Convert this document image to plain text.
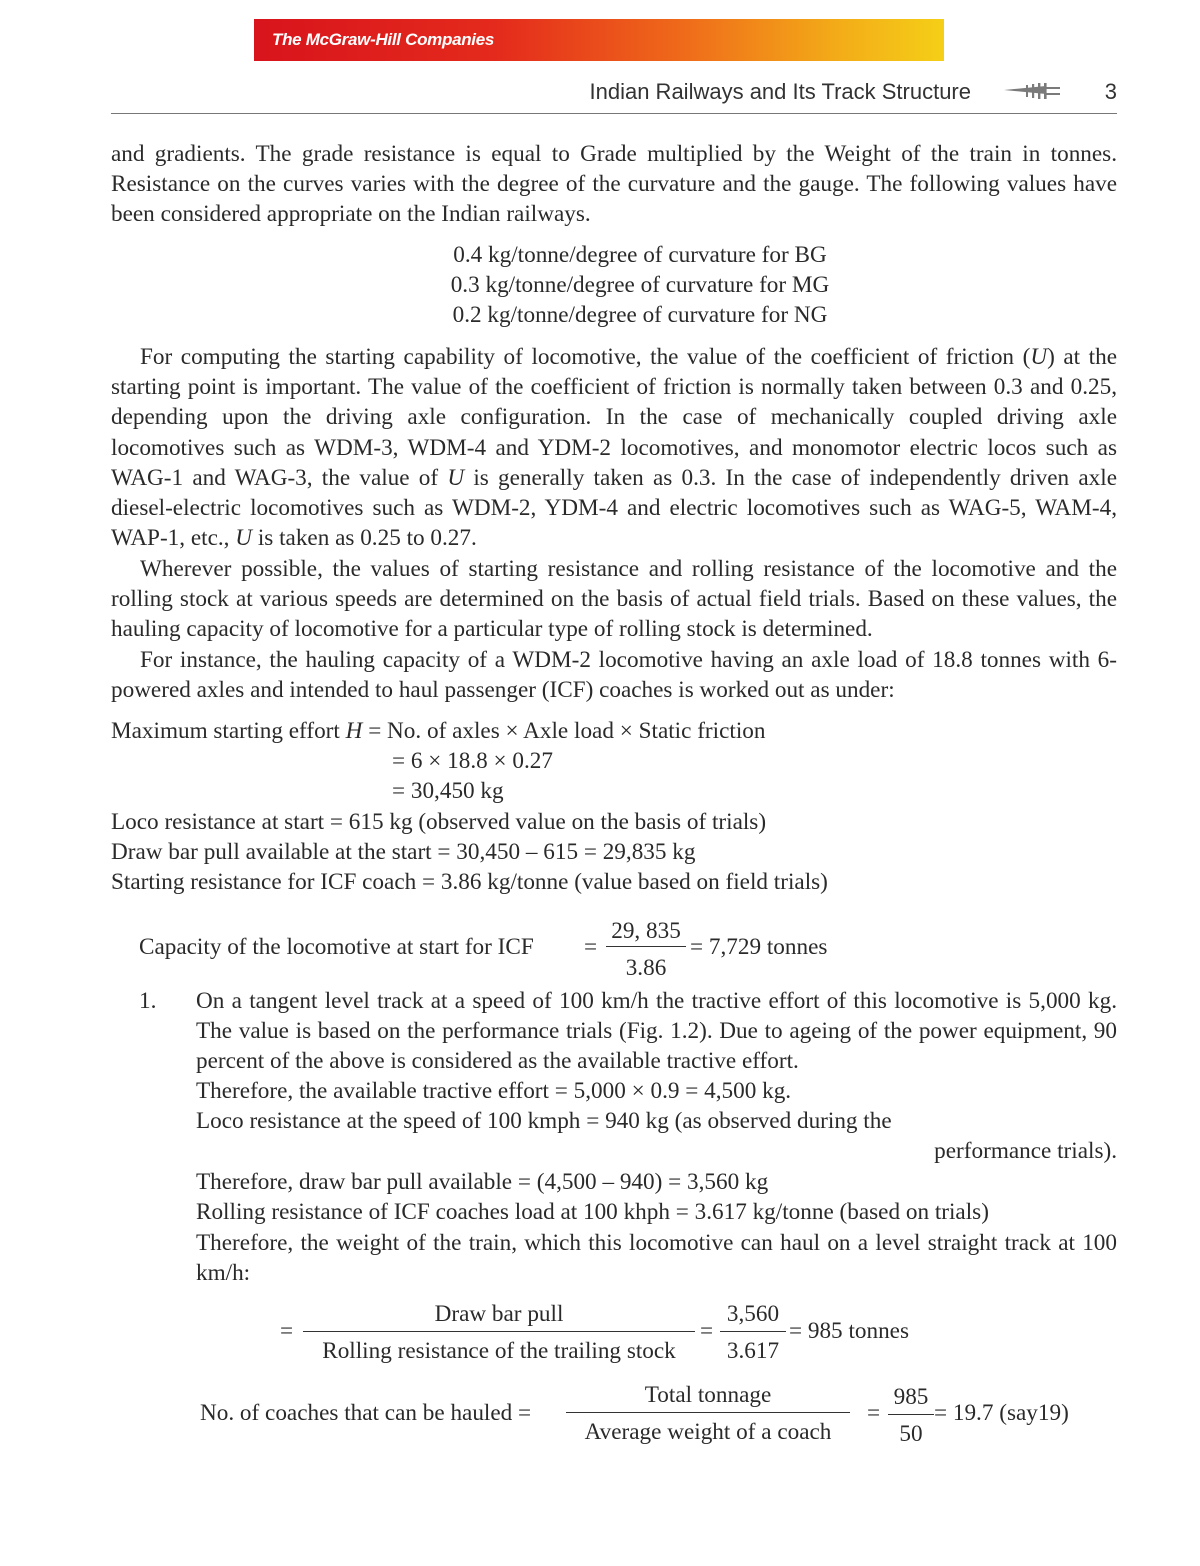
The McGraw-Hill Companies
Indian Railways and Its Track Structure	3

and gradients. The grade resistance is equal to Grade multiplied by the Weight of the train in tonnes. Resistance on the curves varies with the degree of the curvature and the gauge. The following values have been considered appropriate on the Indian railways.

0.4 kg/tonne/degree of curvature for BG
0.3 kg/tonne/degree of curvature for MG
0.2 kg/tonne/degree of curvature for NG

For computing the starting capability of locomotive, the value of the coefficient of friction (U) at the starting point is important. The value of the coefficient of friction is normally taken between 0.3 and 0.25, depending upon the driving axle configuration. In the case of mechanically coupled driving axle locomotives such as WDM-3, WDM-4 and YDM-2 locomotives, and monomotor electric locos such as WAG-1 and WAG-3, the value of U is generally taken as 0.3. In the case of independently driven axle diesel-electric locomotives such as WDM-2, YDM-4 and electric locomotives such as WAG-5, WAM-4, WAP-1, etc., U is taken as 0.25 to 0.27.

Wherever possible, the values of starting resistance and rolling resistance of the locomotive and the rolling stock at various speeds are determined on the basis of actual field trials. Based on these values, the hauling capacity of locomotive for a particular type of rolling stock is determined.

For instance, the hauling capacity of a WDM-2 locomotive having an axle load of 18.8 tonnes with 6-powered axles and intended to haul passenger (ICF) coaches is worked out as under:

Maximum starting effort H = No. of axles × Axle load × Static friction
= 6 × 18.8 × 0.27
= 30,450 kg
Loco resistance at start = 615 kg (observed value on the basis of trials)
Draw bar pull available at the start = 30,450 – 615 = 29,835 kg
Starting resistance for ICF coach = 3.86 kg/tonne (value based on field trials)
Capacity of the locomotive at start for ICF =
29, 835
3.86
= 7,729 tonnes
1. On a tangent level track at a speed of 100 km/h the tractive effort of this locomotive is 5,000 kg. The value is based on the performance trials (Fig. 1.2). Due to ageing of the power equipment, 90 percent of the above is considered as the available tractive effort.

Therefore, the available tractive effort = 5,000 × 0.9 = 4,500 kg.
Loco resistance at the speed of 100 kmph = 940 kg (as observed during the
performance trials).
Therefore, draw bar pull available = (4,500 – 940) = 3,560 kg
Rolling resistance of ICF coaches load at 100 khph = 3.617 kg/tonne (based on trials)

Therefore, the weight of the train, which this locomotive can haul on a level straight track at 100 km/h:

=
Draw bar pull
Rolling resistance of the trailing stock
=
3,560
3.617
= 985 tonnes
No. of coaches that can be hauled =
Total tonnage
Average weight of a coach
=
985
50
= 19.7 (say19)
